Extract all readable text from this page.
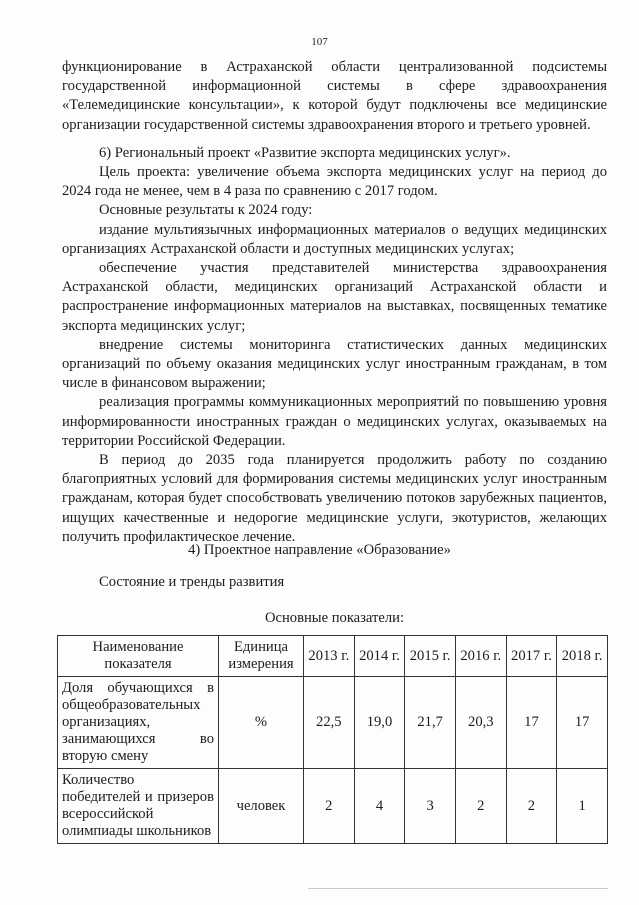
107

функционирование в Астраханской области централизованной подсистемы государственной информационной системы в сфере здравоохранения «Телемедицинские консультации», к которой будут подключены все медицинские организации государственной системы здравоохранения второго и третьего уровней.

6) Региональный проект «Развитие экспорта медицинских услуг».

Цель проекта: увеличение объема экспорта медицинских услуг на период до 2024 года не менее, чем в 4 раза по сравнению с 2017 годом.

Основные результаты к 2024 году:

издание мультиязычных информационных материалов о ведущих медицинских организациях Астраханской области и доступных медицинских услугах;

обеспечение участия представителей министерства здравоохранения Астраханской области, медицинских организаций Астраханской области и распространение информационных материалов на выставках, посвященных тематике экспорта медицинских услуг;

внедрение системы мониторинга статистических данных медицинских организаций по объему оказания медицинских услуг иностранным гражданам, в том числе в финансовом выражении;

реализация программы коммуникационных мероприятий по повышению уровня информированности иностранных граждан о медицинских услугах, оказываемых на территории Российской Федерации.

В период до 2035 года планируется продолжить работу по созданию благоприятных условий для формирования системы медицинских услуг иностранным гражданам, которая будет способствовать увеличению потоков зарубежных пациентов, ищущих качественные и недорогие медицинские услуги, экотуристов, желающих получить профилактическое лечение.

4) Проектное направление «Образование»
Состояние и тренды развития
Основные показатели:
Наименование показателя	Единица измерения	2013 г.	2014 г.	2015 г.	2016 г.	2017 г.	2018 г.
Доля обучающихся в общеобразовательных организациях, занимающихся во вторую смену	%	22,5	19,0	21,7	20,3	17	17
Количество победителей и призеров всероссийской олимпиады школьников	человек	2	4	3	2	2	1
